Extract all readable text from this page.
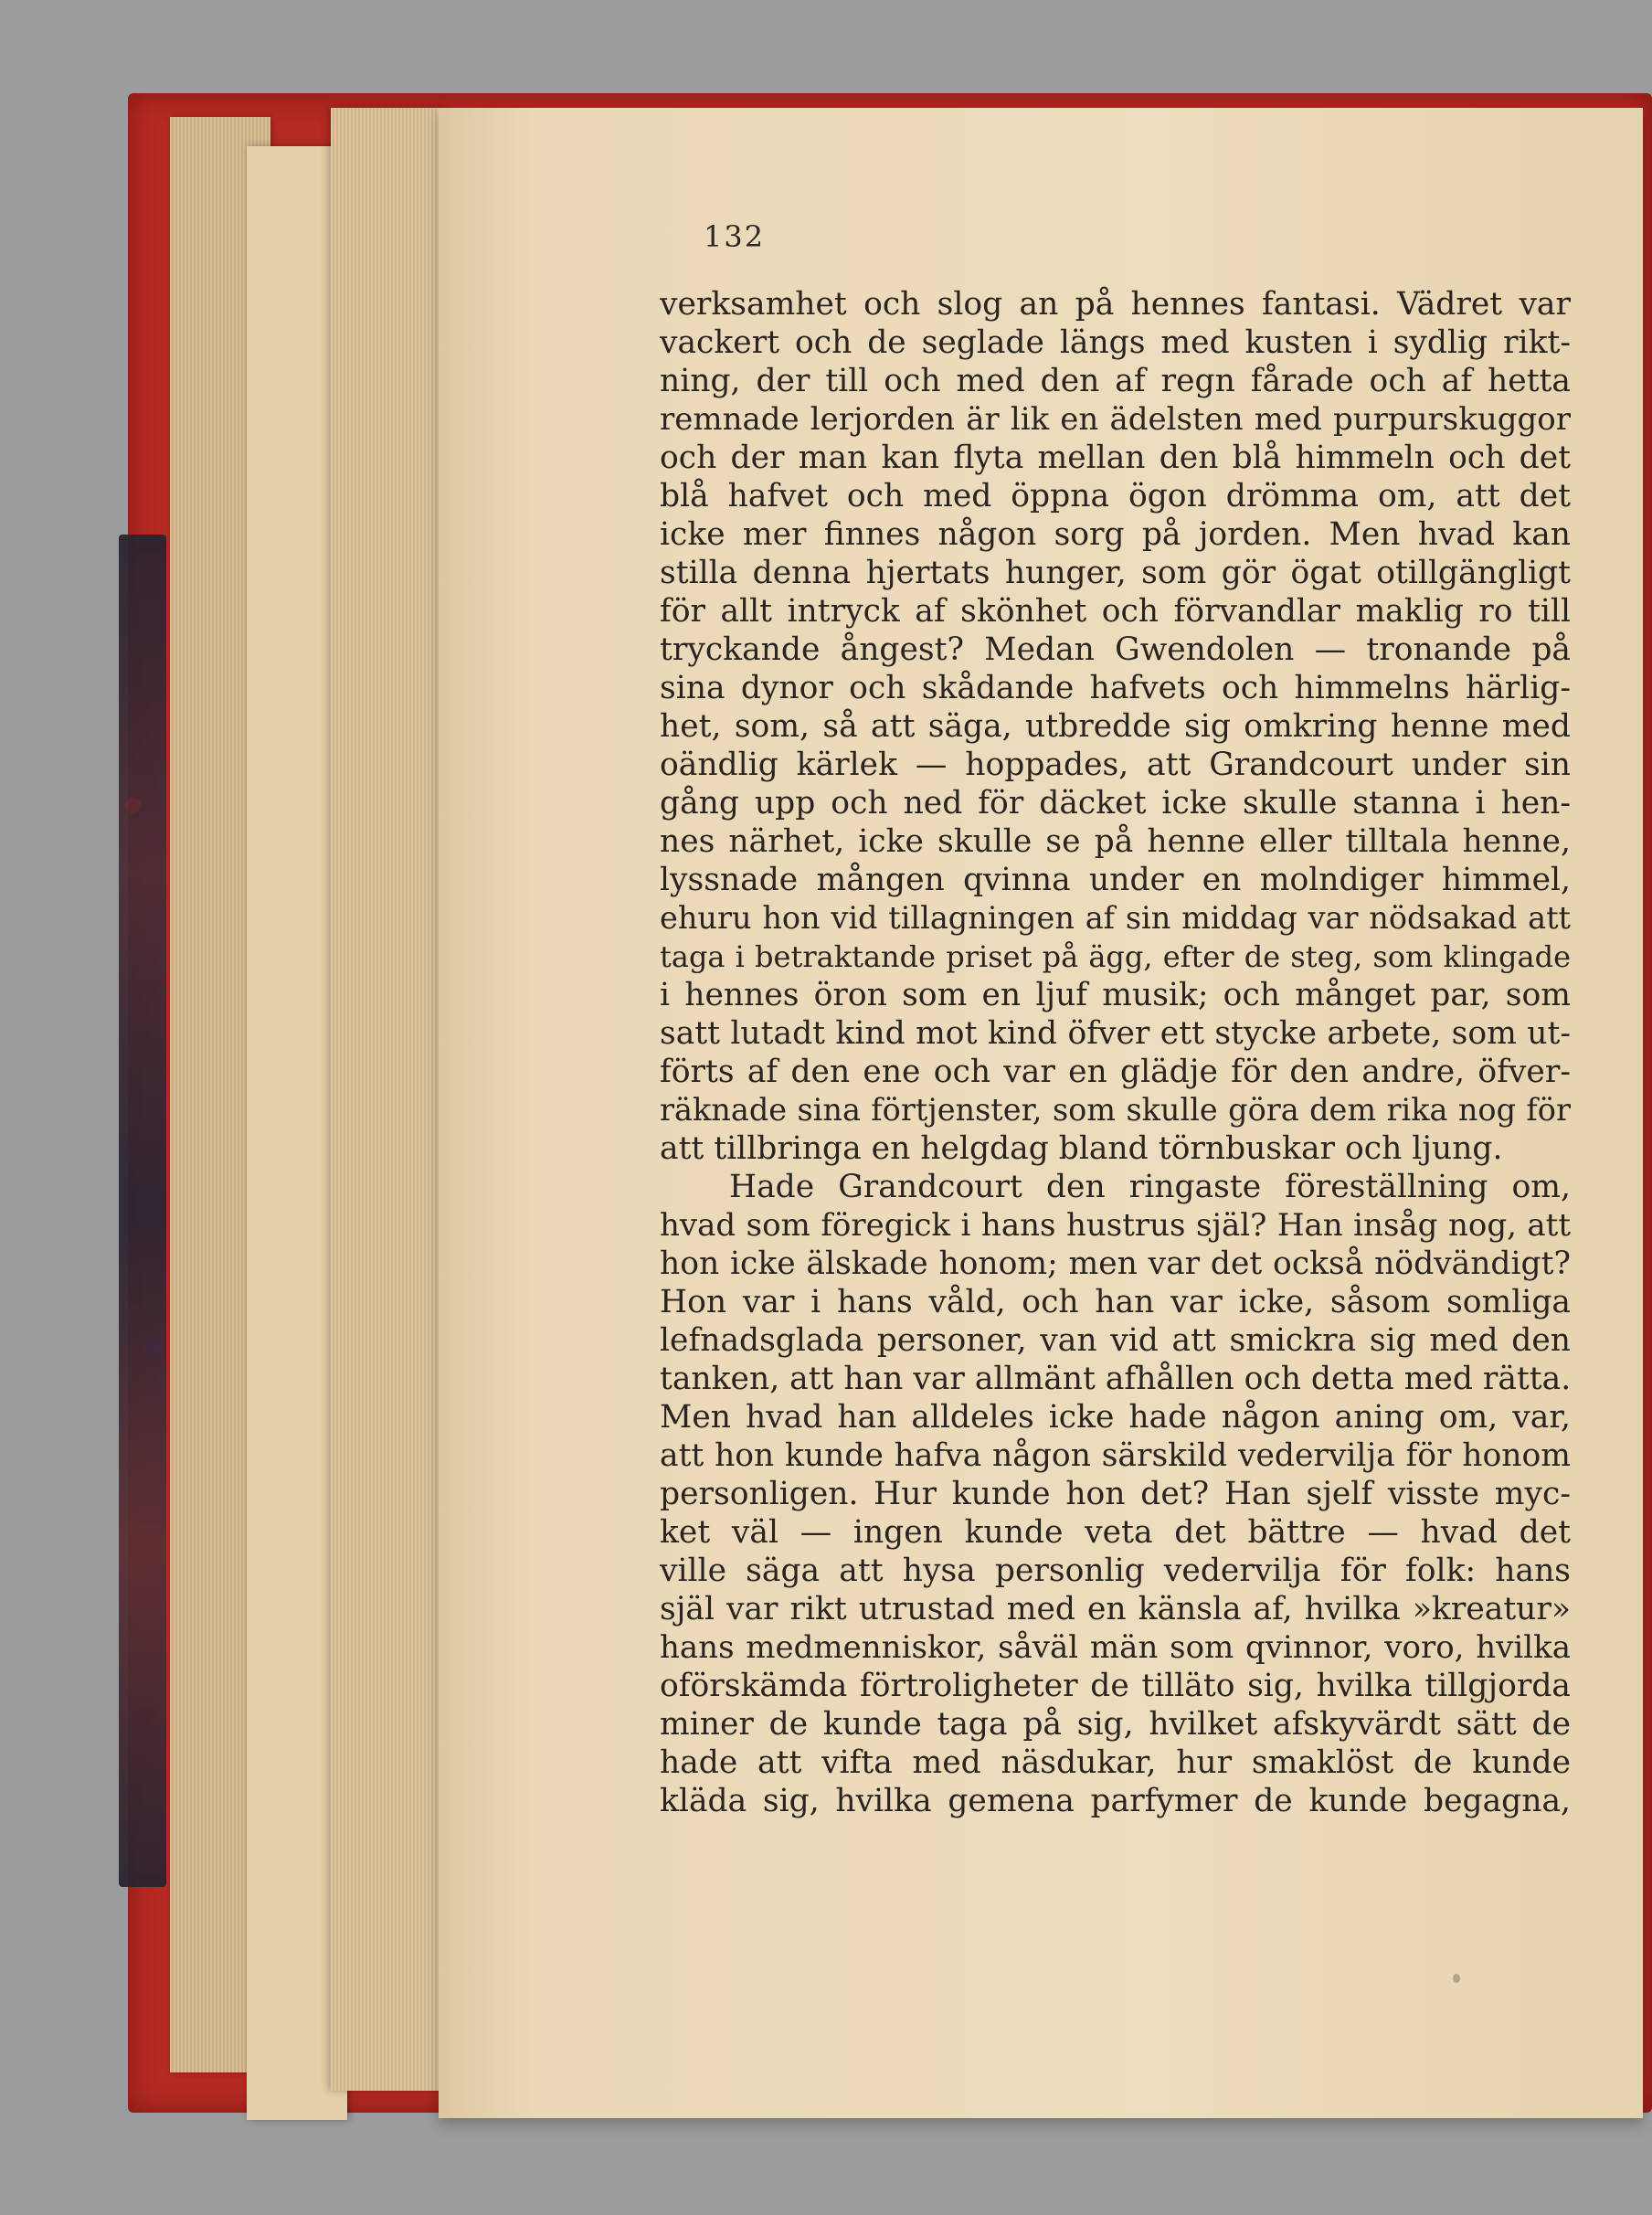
132
verksamhet och slog an på hennes fantasi. Vädret var
vackert och de seglade längs med kusten i sydlig rikt-
ning, der till och med den af regn fårade och af hetta
remnade lerjorden är lik en ädelsten med purpurskuggor
och der man kan flyta mellan den blå himmeln och det
blå hafvet och med öppna ögon drömma om, att det
icke mer finnes någon sorg på jorden. Men hvad kan
stilla denna hjertats hunger, som gör ögat otillgängligt
för allt intryck af skönhet och förvandlar maklig ro till
tryckande ångest? Medan Gwendolen — tronande på
sina dynor och skådande hafvets och himmelns härlig-
het, som, så att säga, utbredde sig omkring henne med
oändlig kärlek — hoppades, att Grandcourt under sin
gång upp och ned för däcket icke skulle stanna i hen-
nes närhet, icke skulle se på henne eller tilltala henne,
lyssnade mången qvinna under en molndiger himmel,
ehuru hon vid tillagningen af sin middag var nödsakad att
taga i betraktande priset på ägg, efter de steg, som klingade
i hennes öron som en ljuf musik; och månget par, som
satt lutadt kind mot kind öfver ett stycke arbete, som ut-
förts af den ene och var en glädje för den andre, öfver-
räknade sina förtjenster, som skulle göra dem rika nog för
att tillbringa en helgdag bland törnbuskar och ljung.
Hade Grandcourt den ringaste föreställning om,
hvad som föregick i hans hustrus själ? Han insåg nog, att
hon icke älskade honom; men var det också nödvändigt?
Hon var i hans våld, och han var icke, såsom somliga
lefnadsglada personer, van vid att smickra sig med den
tanken, att han var allmänt afhållen och detta med rätta.
Men hvad han alldeles icke hade någon aning om, var,
att hon kunde hafva någon särskild vedervilja för honom
personligen. Hur kunde hon det? Han sjelf visste myc-
ket väl — ingen kunde veta det bättre — hvad det
ville säga att hysa personlig vedervilja för folk: hans
själ var rikt utrustad med en känsla af, hvilka »kreatur»
hans medmenniskor, såväl män som qvinnor, voro, hvilka
oförskämda förtroligheter de tilläto sig, hvilka tillgjorda
miner de kunde taga på sig, hvilket afskyvärdt sätt de
hade att vifta med näsdukar, hur smaklöst de kunde
kläda sig, hvilka gemena parfymer de kunde begagna,
